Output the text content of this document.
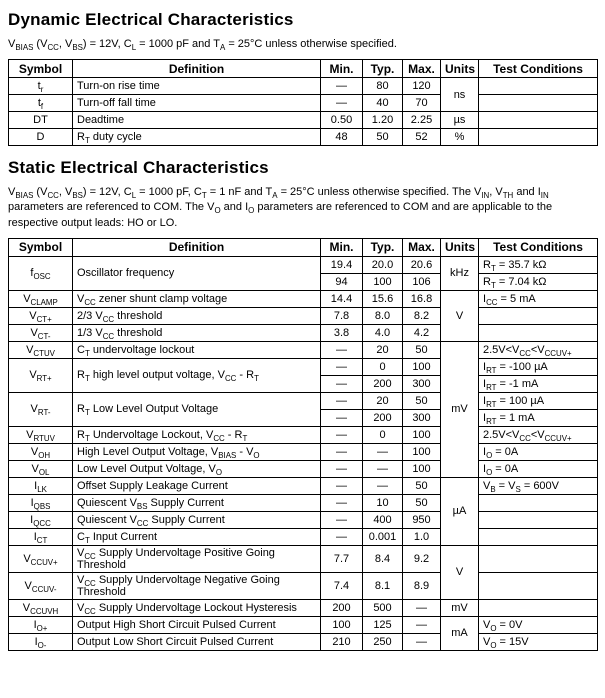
Dynamic Electrical Characteristics

$V_{BIAS}$ ($V_{CC}$, $V_{BS}) = 12V$, $C_L = 1000$ pF and $T_A = 25^\circ C$ unless otherwise specified.

Symbol	Definition	Min.	Typ.	Max.	Units	Test Conditions
$t_r$	Turn-on rise time	—	80	120	ns	
$t_f$	Turn-off fall time	—	40	70		
DT	Deadtime	0.50	1.20	2.25	µs	
D	$R_T$ duty cycle	48	50	52	%	
Static Electrical Characteristics

$V_{BIAS}$ ($V_{CC}$, $V_{BS}) = 12V$, $C_L = 1000$ pF, $C_T = 1$ nF and $T_A = 25^\circ C$ unless otherwise specified. The $V_{IN}$, $V_{TH}$ and $I_{IN}$ parameters are referenced to COM. The $V_O$ and $I_O$ parameters are referenced to COM and are applicable to the respective output leads: HO or LO.

Symbol	Definition	Min.	Typ.	Max.	Units	Test Conditions
$f_{OSC}$	Oscillator frequency	19.4	20.0	20.6	kHz	$R_T = 35.7$ kΩ
		94	100	106		$R_T = 7.04$ kΩ
$V_{CLAMP}$	$V_{CC}$ zener shunt clamp voltage	14.4	15.6	16.8	V	$I_{CC} = 5$ mA
$V_{CT+}$	2/3 $V_{CC}$ threshold	7.8	8.0	8.2		
$V_{CT-}$	1/3 $V_{CC}$ threshold	3.8	4.0	4.2		
$V_{CTUV}$	$C_T$ undervoltage lockout	—	20	50	mV	$2.5V<V_{CC}<V_{CCUV+}$
$V_{RT+}$	$R_T$ high level output voltage, $V_{CC} - R_T$	—	0	100		$I_{RT} = -100$ µA
		—	200	300		$I_{RT} = -1$ mA
$V_{RT-}$	$R_T$ Low Level Output Voltage	—	20	50		$I_{RT} = 100$ µA
		—	200	300		$I_{RT} = 1$ mA
$V_{RTUV}$	$R_T$ Undervoltage Lockout, $V_{CC} - R_T$	—	0	100		$2.5V<V_{CC}<V_{CCUV+}$
$V_{OH}$	High Level Output Voltage, $V_{BIAS} - V_O$	—	—	100		$I_O = 0A$
$V_{OL}$	Low Level Output Voltage, $V_O$	—	—	100		$I_O = 0A$
$I_{LK}$	Offset Supply Leakage Current	—	—	50	µA	$V_B = V_S = 600V$
$I_{QBS}$	Quiescent $V_{BS}$ Supply Current	—	10	50		
$I_{QCC}$	Quiescent $V_{CC}$ Supply Current	—	400	950		
$I_{CT}$	$C_T$ Input Current	—	0.001	1.0		
$V_{CCUV+}$	$V_{CC}$ Supply Undervoltage Positive Going Threshold	7.7	8.4	9.2	V	
$V_{CCUV-}$	$V_{CC}$ Supply Undervoltage Negative Going Threshold	7.4	8.1	8.9		
$V_{CCUVH}$	$V_{CC}$ Supply Undervoltage Lockout Hysteresis	200	500	—	mV	
$I_{O+}$	Output High Short Circuit Pulsed Current	100	125	—	mA	$V_O = 0V$
$I_{O-}$	Output Low Short Circuit Pulsed Current	210	250	—		$V_O = 15V$
